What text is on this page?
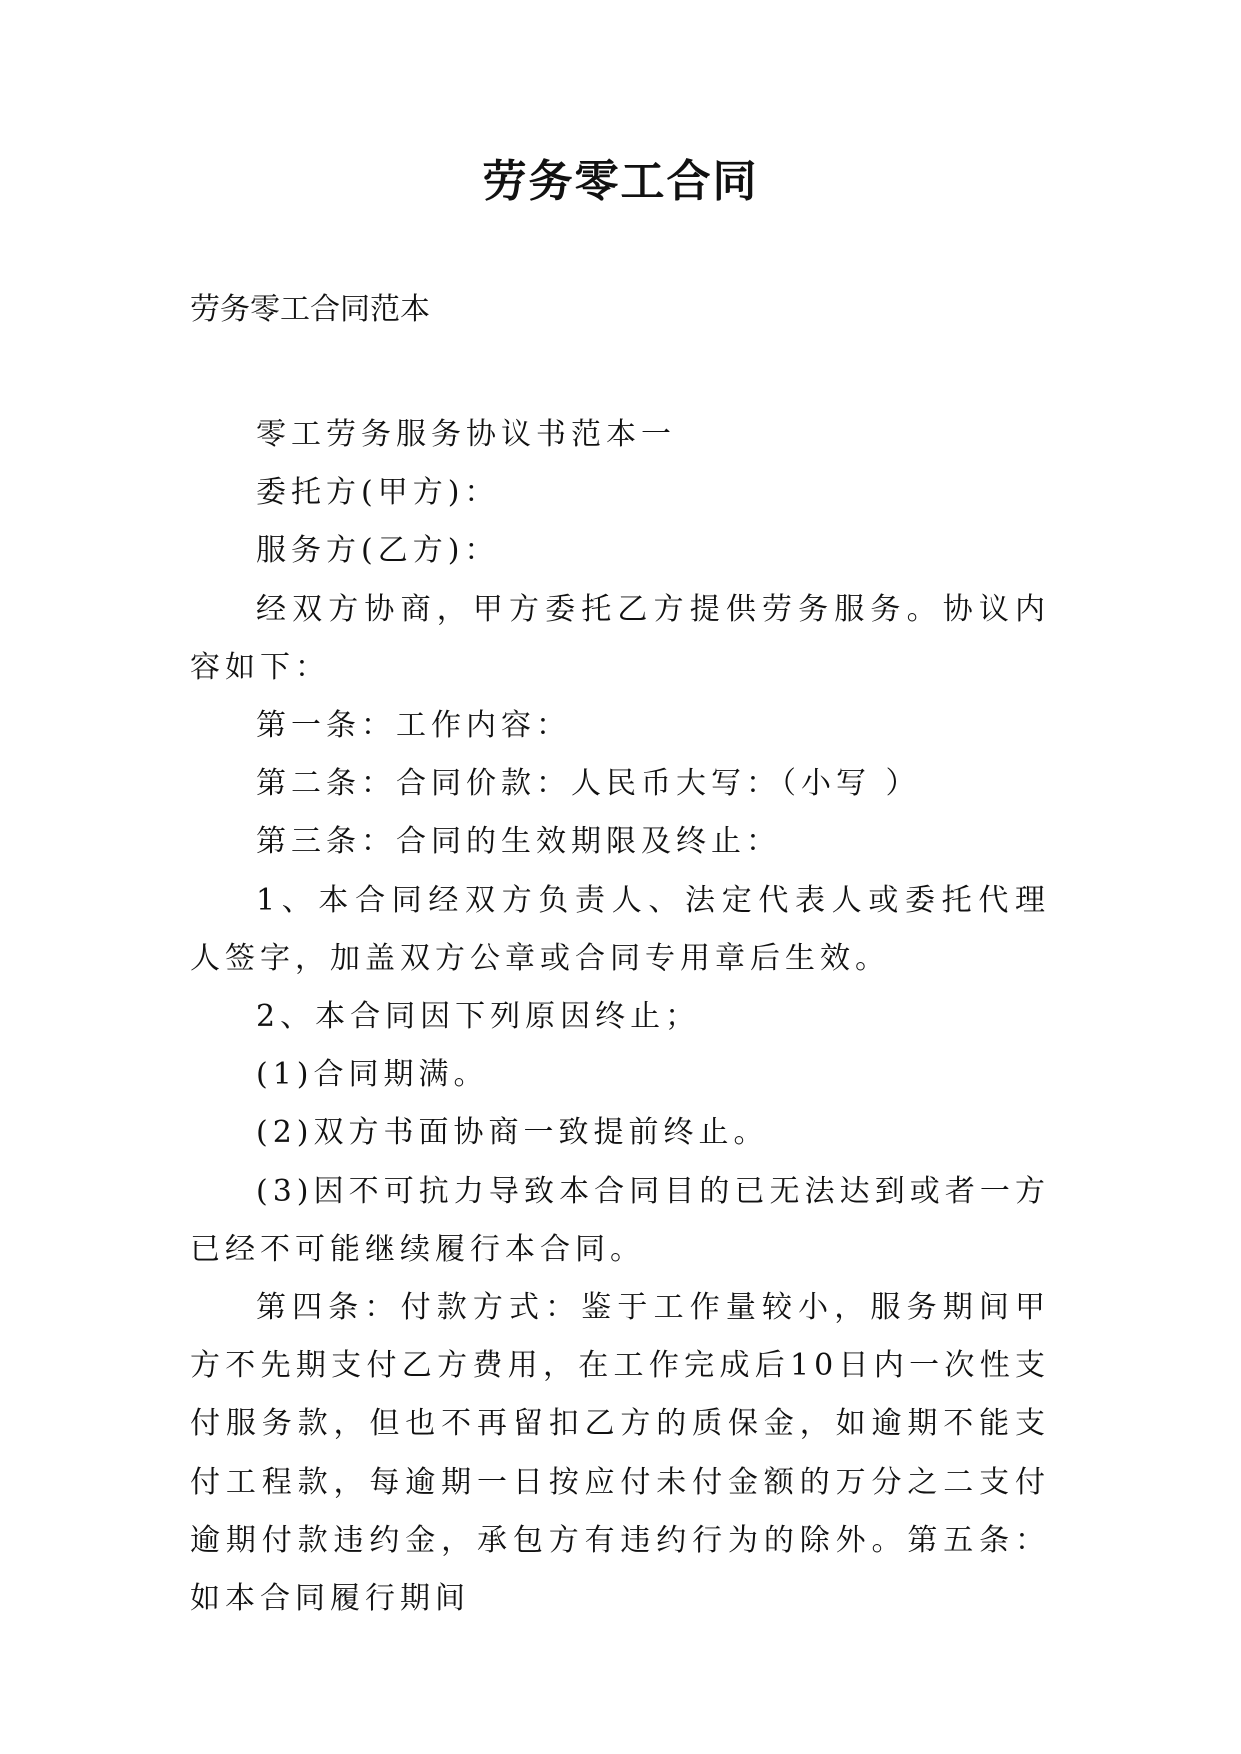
劳务零工合同
劳务零工合同范本

零工劳务服务协议书范本一

委托方(甲方)：

服务方(乙方)：

经双方协商，甲方委托乙方提供劳务服务。协议内容如下：

第一条：工作内容：

第二条：合同价款：人民币大写：（小写 ）

第三条：合同的生效期限及终止：

1、本合同经双方负责人、法定代表人或委托代理人签字，加盖双方公章或合同专用章后生效。

2、本合同因下列原因终止；

(1)合同期满。

(2)双方书面协商一致提前终止。

(3)因不可抗力导致本合同目的已无法达到或者一方已经不可能继续履行本合同。

第四条：付款方式：鉴于工作量较小，服务期间甲方不先期支付乙方费用，在工作完成后10日内一次性支付服务款，但也不再留扣乙方的质保金，如逾期不能支付工程款，每逾期一日按应付未付金额的万分之二支付逾期付款违约金，承包方有违约行为的除外。第五条：如本合同履行期间
